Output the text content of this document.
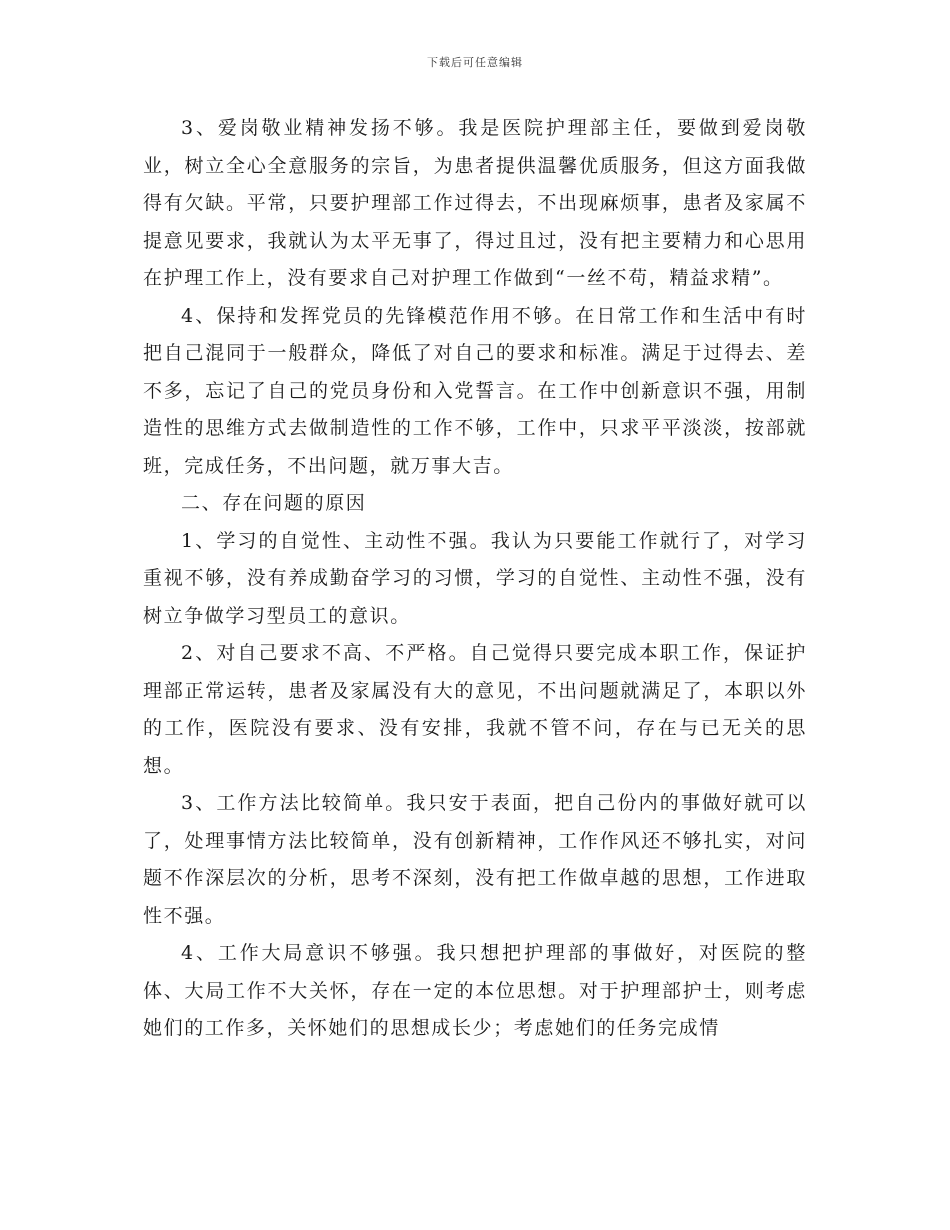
下载后可任意编辑

3、爱岗敬业精神发扬不够。我是医院护理部主任，要做到爱岗敬业，树立全心全意服务的宗旨，为患者提供温馨优质服务，但这方面我做得有欠缺。平常，只要护理部工作过得去，不出现麻烦事，患者及家属不提意见要求，我就认为太平无事了，得过且过，没有把主要精力和心思用在护理工作上，没有要求自己对护理工作做到“一丝不苟，精益求精”。

4、保持和发挥党员的先锋模范作用不够。在日常工作和生活中有时把自己混同于一般群众，降低了对自己的要求和标准。满足于过得去、差不多，忘记了自己的党员身份和入党誓言。在工作中创新意识不强，用制造性的思维方式去做制造性的工作不够，工作中，只求平平淡淡，按部就班，完成任务，不出问题，就万事大吉。

二、存在问题的原因

1、学习的自觉性、主动性不强。我认为只要能工作就行了，对学习重视不够，没有养成勤奋学习的习惯，学习的自觉性、主动性不强，没有树立争做学习型员工的意识。

2、对自己要求不高、不严格。自己觉得只要完成本职工作，保证护理部正常运转，患者及家属没有大的意见，不出问题就满足了，本职以外的工作，医院没有要求、没有安排，我就不管不问，存在与已无关的思想。

3、工作方法比较简单。我只安于表面，把自己份内的事做好就可以了，处理事情方法比较简单，没有创新精神，工作作风还不够扎实，对问题不作深层次的分析，思考不深刻，没有把工作做卓越的思想，工作进取性不强。

4、工作大局意识不够强。我只想把护理部的事做好，对医院的整体、大局工作不大关怀，存在一定的本位思想。对于护理部护士，则考虑她们的工作多，关怀她们的思想成长少；考虑她们的任务完成情
